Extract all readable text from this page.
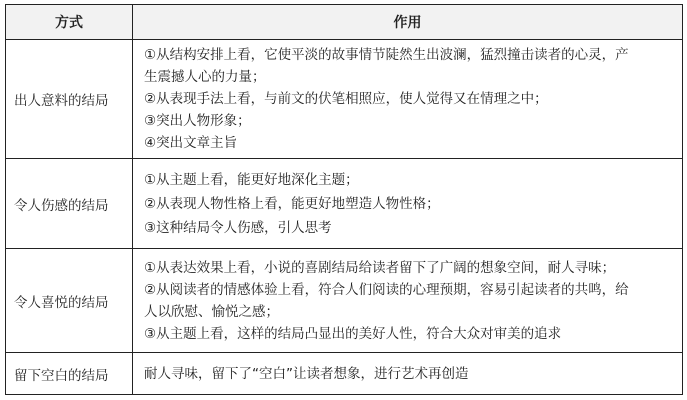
方式	作用
出人意料的结局	①从结构安排上看，它使平淡的故事情节陡然生出波澜，猛烈撞击读者的心灵，产
生震撼人心的力量；
②从表现手法上看，与前文的伏笔相照应，使人觉得又在情理之中；
③突出人物形象；
④突出文章主旨

令人伤感的结局	①从主题上看，能更好地深化主题；
②从表现人物性格上看，能更好地塑造人物性格；
③这种结局令人伤感，引人思考

令人喜悦的结局	①从表达效果上看，小说的喜剧结局给读者留下了广阔的想象空间，耐人寻味；
②从阅读者的情感体验上看，符合人们阅读的心理预期，容易引起读者的共鸣，给
人以欣慰、愉悦之感；
③从主题上看，这样的结局凸显出的美好人性，符合大众对审美的追求

留下空白的结局	耐人寻味，留下了“空白”让读者想象，进行艺术再创造
